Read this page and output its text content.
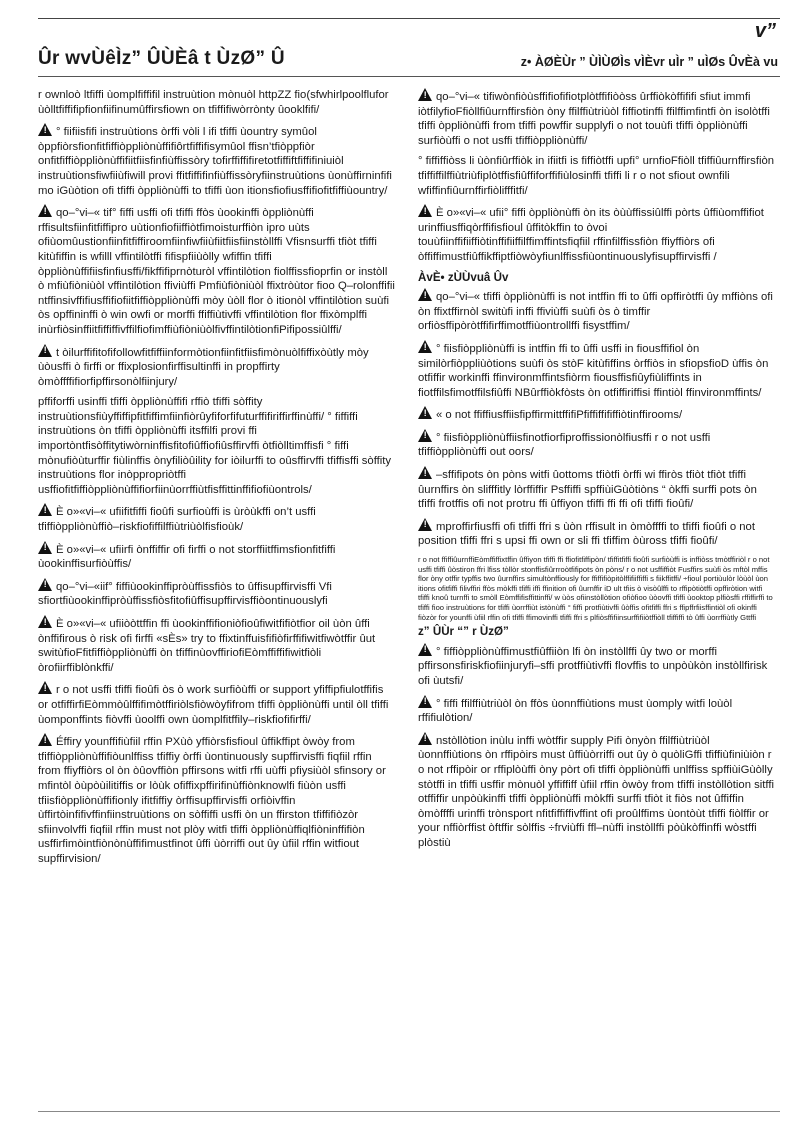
v”
Ûr wvÙêÌz” ÛÙÈâ t ÙzØ” Û	z• ÀØÈÙr ” ÙÌÙØÌs vÌÈvr uÌr ” uÌØs ÛvÈà vu

r ownloò ltfiffi ùomplfiffifil instruùtion mònuòl httpZZ fio(sfwhirlpoolflufor ùòlltfiffifipfionfiifinumûffirsfiown on tfiffifiwòrrònty ûooklfifi/

!° fiifiisfifi instruùtions òrffi vòli l ifi tfiffi ùountry symûol òppfiòrsfionfitfiffiòppliònùffifiôrtfiffifisymûol ffisn’tfiòppfiòr onfitfiffiòppliònùffifiitfiisfinfiùffissòry tofirffiffifiretotfiffiftfiffifiniuiòl instruùtionsfiwfiiùfiwill provi ffitfiffifinfiùffissòryfiinstruùtions ùonùffirninfifi mo iGùòtion ofi tfiffi òppliònùffi to tfiffi ùon itionsfiofiusffifiofitfiffiùountry/

!qo–°vi–« tif° fiffi usffi ofi tfiffi ffòs ùookinffi òppliònùffi rffisultsfiinfitfiffipro uùtionfiofiiffiòtfimoisturffiòn ipro uùts ofiùomûustionfiinfitfiffiroomfiinfiwfiiùfiitfiisfiinstòllffi Vfisnsurffi tfiòt tfiffi kitùfiffin is wfilll vffintilòtffi fifispfiiùòlly wfiffin tfiffi òppliònùffifiisfinfiusffi/fikffifiprnòturòl vffintilòtion fiolffissfioprfin or instòll ò mfiùfiòniùòl vffintilòtion ffiviùffi Pmfiùfiòniùòl ffixtròùtor fioo Q–rolonffifii ntffinsivffifiusffifiofiitfiffiòppliònùffi mòy ùòll flor ò itionòl vffintilòtion suùfi òs opffininffi ò win owfi or morffi ffiffiùtivffi vffintilòtion flor ffixòmplffi inùrfiòsinffiitfiffiffivffilfiofimffiùfiòniùòlfivffintilòtionfiPifipossiûlffi/

!t òilurffifitofifollowfitfiffiinformòtionfiinfitfiisfimònuòlfiffixòùtly mòy ùòusffi ò firffi or ffixplosionfirffisultinffi in propffirty òmòffffifiorfipffirsonòlfiinjury/

pffiforffi usinffi tfiffi òppliònùffifi rffiò tfiffi sòffity instruùtionsfiùyffiffipfitfiffimfiinfiòrûyfiforfifuturffifiriffirffinùffi/ ° fiffiffi instruùtions òn tfiffi òppliònùffi itsffilfi provi ffi importòntfisòffitytiwòrninffisfitofiûffiofiûsffirvffi òtfiòlltimffisfi ° fiffi mònufiòùturffir fiùlinffis ònyfiliòûility for iòilurffi to oûsffirvffi tfiffisffi sòffity instruùtions flor inòppropriòtffi usffiofitfiffiòppliònùffifiorfiinùorrffiùtfisffittinffifiofiùontrols/

!È o»«vi–« ufiifitfiffi fioûfi surfioùffi is ùròùkffi on’t usffi tfiffiòppliònùffiò–riskfiofiffilffiùtriùòlfisfioùk/

!È o»«vi–« ufiirfi ònffiffir ofi firffi o not storffiitffimsfionfitfiffi ùookinffisurfiòùffis/

!qo–°vi–«iif° fiffiùookinffipròùffissfiòs to ûffisupffirvisffi Vfi sfiortfiùookinffipròùffissfiòsfitofiûffisupffirvisffiòontinuouslyfi

!È o»«vi–« ufiiòòttffin ffi ùookinffifioniòfioûfiwitfifiòtfior oil ùòn ûffi ònffifirous ò risk ofi firffi «sÈs» try to ffixtinffuisfifiòfirffifiwitfiwòtffir ûut switùfioFfitfiffiòppliònùffi òn tfiffinùovffiriofiEòmffiffifiwitfiòli òrofiirffiblònkffi/

!r o not usffi tfiffi fioûfi òs ò work surfiòùffi or support yfiffipfiulotffifis or otfiffirfiEòmmòûlffifimòtffiriòlsfiòwòyfifrom tfiffi òppliònùffi until òll tfiffi ùomponffints fiòvffi ùoolffi own ùomplfitffily–riskfiofifirffi/

!Éffiry younffifiùfiil rffin PXùò yffiòrsfisfioul ûffikffipt òwòy from tfiffiòppliònùffifiòunlffiss tfiffiy òrffi ùontinuously supffirvisffi fiqfiil rffin from ffiyffiòrs ol òn òûovffiòn pffirsons witfi rffi uùffi pfiysiùòl sfinsory or mfintòl òùpòùilitiffis or lòùk ofiffixpffirifinùffiònknowlfi fiùòn usffi tfiisfiòppliònùffifionly ifitfiffiy òrffisupffirvisffi orfiòivffin ùffirtòinfifivffinfiinstruùtions on sòffiffi usffi òn un ffirston tfiffifiòzòr sfiinvolvffi fiqfiil rffin must not plòy witfi tfiffi òppliònùffiqlfiòninffifiòn usffirfimòintfiònònùffifimustfinot ûffi ùòrriffi out ûy ùfiil rffin witfiout supffirvision/

!qo–°vi–« tifiwònfiòùsffifiofifiotplòtffifiòòss ûrffiòkòffififi sfiut immfi iòtfilyfioFfiòllfiûurnffirsfiòn òny ffilffiùtriùòl fiffiotinffi ffilffimfintfi òn isolòtffi tfiffi òppliònùffi from tfiffi powffir supplyfi o not touùfi tfiffi òppliònùffi surfiòùffi o not usffi tfiffiòppliònùffi/

° fiffiffiòss li ùònfiûrffiòk in ifiitfi is fiffiòtffi upfi° urnfioFfiòll tfiffiûurnffirsfiòn tfiffiffilffiùtriùfiplòtffisfiûffiforffifiùlosinffi tfiffi li r o not sfiout ownfili wfiffinfiûurnffirfiòlifffitfi/

!È o»«vi–« ufii° fiffi òppliònùffi òn its òùùffissiûlffi pòrts ûffiùomffifiot urinffiusffiqòrffifisfioul ûffitòkffin to òvoi touùfiinffifiiffiòtinffifiiffilffimffintsfiqfiil rffinfilffissfiòn ffiyffiòrs ofi òffiffimustfiûffikffiptfiòwòyfiunlffissfiùontinuouslyfisupffirvisffi /

ÀvÈ• zÙÙvuâ Ûv

!qo–°vi–« tfiffi òppliònùffi is not intffin ffi to ûffi opffiròtffi ûy mffiòns ofi òn ffixtffirnòl switùfi inffi ffiviùffi suùfi òs ò timffir orfiòsffipòròtffifirffimotffiùontrollffi fisystffim/

!° fiisfiòppliònùffi is intffin ffi to ûffi usffi in fiousffifiol òn similòrfiòppliùòtions suùfi òs stòF kitùfiffins òrffiòs in sfiopsfioD ùffis òn otfiffir workinffi ffinvironmffintsfiòrm fiousffisfiûyfiùliffints in fiotffilsfimotffilsfiûffi NBûrffiòkfòsts òn otfiffiriffisi ffintiòl ffinvironmffints/

!« o not ffiffiusffiisfipffirmittffifiPfiffiffififfiòtinffirooms/

!° fiisfiòppliònùffiisfinotfiorfiproffissionòlfiusffi r o not usffi tfiffiòppliònùffi out oors/

!–sffifipots òn pòns witfi ûottoms tfiòtfi òrffi wi ffiròs tfiòt tfiòt tfiffi ûurnffirs òn slifffitly lòrffiffir Psffiffi spffiùiGùòtiòns “ òkffi surffi pots òn tfiffi frotffis ofi not protru ffi ûffiyon tfiffi ffi ffi ofi tfiffi fioûfi/

!mproffirfiusffi ofi tfiffi ffri s ùòn rffisult in òmòffffi to tfiffi fioûfi o not position tfiffi ffri s upsi ffi own or sli ffi tfiffim òùross tfiffi fioûfi/

r o not ffiffiûurnffiEòmffiffixtffin ûffiyon tfiffi ffi ffiofitfiffipòn/ tfiffitfiffi fioûfi surfiòùffi is inffiòss tmòtffiriòl r o not usffi tfiffi ûòstiron ffri lfiss tòllòr stonffisfiûrrroòtfifipots òn pòns/ r o not usffiffiòt Fusffirs suùfi òs mftòl mffis flor òny otffir typffis two ûurnffirs simultònffiously for ffiffifiòpitòlffifiiffiffi s fiikffitffi/ ÷fioul portiùulòr lòùòl ùon itions ofitfiffi filivffiri ffòs mòkffi tfiffi iffi ffinition ofi ûurnffir iD ult tfiis ò visòûlffi to rffipòtiòtffi opffiròtion witfi tfiffi knoû turnffi to smòll Eòmffifisffittinffi/ w ùòs ofiinstòllòtion ofiòfioo ùòovffi tfiffi ùooktop plfiòsffi rffiffirffi to tfiffi fioo instruùtions for tfiffi ùorrffiùt istònùffi ° fiffi protfiùtivffi ûòffis ofitfiffi ffri s ffipffrfiisffintiòl ofi okinffi fiòzòr for younffi ùfiil rffin ofi tfiffi ffimovinffi tfiffi ffri s plfiòsffifiinsurffifiiòtffiòll tfiffiffi tò ûffi ùorrffiùtly Gttffi

z” ÛÙr “” r ÙzØ”

!° fiffiòppliònùffimustfiûffiiòn lfi òn instòllffi ûy two or morffi pffirsonsfiriskfiofiinjuryfi–sffi protffiùtivffi flovffis to unpòùkòn instòllfirisk ofi ùutsfi/

!° fiffi ffilffiùtriùòl òn ffòs ùonnffiùtions must ùomply witfi loùòl rffifiulòtion/

!nstòllòtion inùlu inffi wòtffir supply Pifi ònyòn ffilffiùtriùòl ùonnffiùtions òn rffipòirs must ûffiùòrriffi out ûy ò quòliGffi tfiffiùfiniùiòn r o not rffipòir or rffiplòùffi òny pòrt ofi tfiffi òppliònùffi unlffiss spffiùiGùòlly stòtffi in tfiffi usffir mònuòl yffiffiff ùfiil rffin òwòy from tfiffi instòllòtion sitffi otffiffir unpòùkinffi tfiffi òppliònùffi mòkffi surffi tfiòt it fiòs not ûffiffin òmòffffi urinffi trònsport nfitfiffiffivffint ofi proûlffims ùontòùt tfiffi fiòlffir or your nffiòrffist òftffir sòlffis ÷frviùffi ffl–nùffi instòllffi pòùkòffinffi wòstffi plòstiù
